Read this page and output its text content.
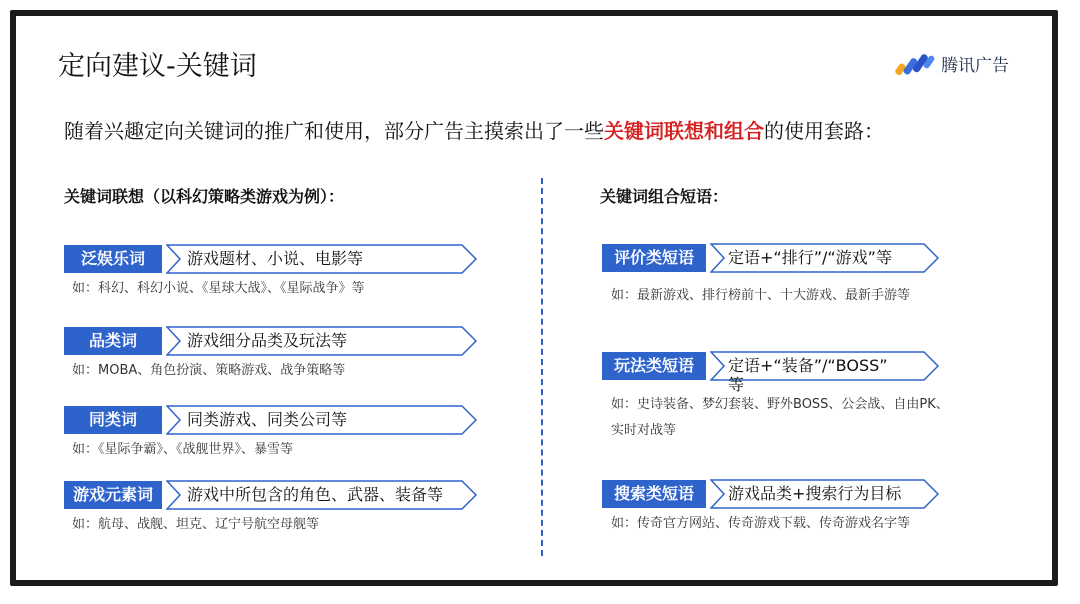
定向建议-关键词	腾讯广告
随着兴趣定向关键词的推广和使用，部分广告主摸索出了一些关键词联想和组合的使用套路：
关键词联想（以科幻策略类游戏为例）：	关键词组合短语：
泛娱乐词	游戏题材、小说、电影等
如：科幻、科幻小说、《星球大战》、《星际战争》等
品类词	游戏细分品类及玩法等
如：MOBA、角色扮演、策略游戏、战争策略等
同类词	同类游戏、同类公司等
如：《星际争霸》、《战舰世界》、暴雪等
游戏元素词	游戏中所包含的角色、武器、装备等
如：航母、战舰、坦克、辽宁号航空母舰等
评价类短语	定语+“排行”/“游戏”等
如：最新游戏、排行榜前十、十大游戏、最新手游等
玩法类短语	定语+“装备”/“BOSS”
等
如：史诗装备、梦幻套装、野外BOSS、公会战、自由PK、
实时对战等
搜索类短语	游戏品类+搜索行为目标
如：传奇官方网站、传奇游戏下载、传奇游戏名字等
